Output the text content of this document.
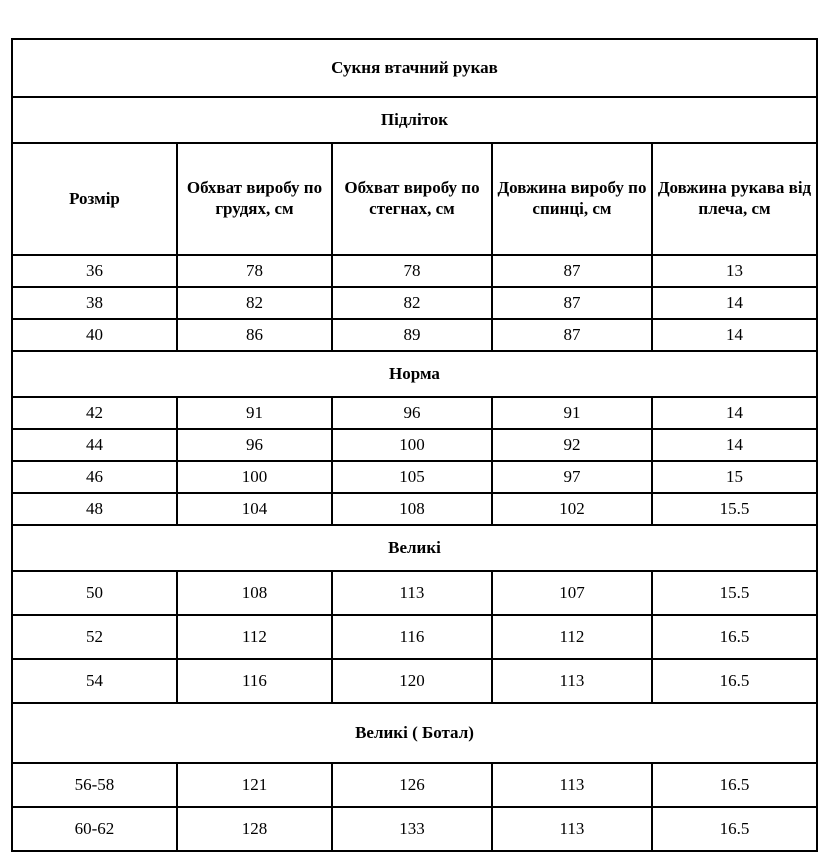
Сукня втачний рукав				
Підліток				
Розмір	Обхват виробу по грудях, см	Обхват виробу по стегнах, см	Довжина виробу по спинці, см	Довжина рукава від плеча, см
36	78	78	87	13
38	82	82	87	14
40	86	89	87	14
Норма				
42	91	96	91	14
44	96	100	92	14
46	100	105	97	15
48	104	108	102	15.5
Великі				
50	108	113	107	15.5
52	112	116	112	16.5
54	116	120	113	16.5
Великі ( Ботал)				
56-58	121	126	113	16.5
60-62	128	133	113	16.5
